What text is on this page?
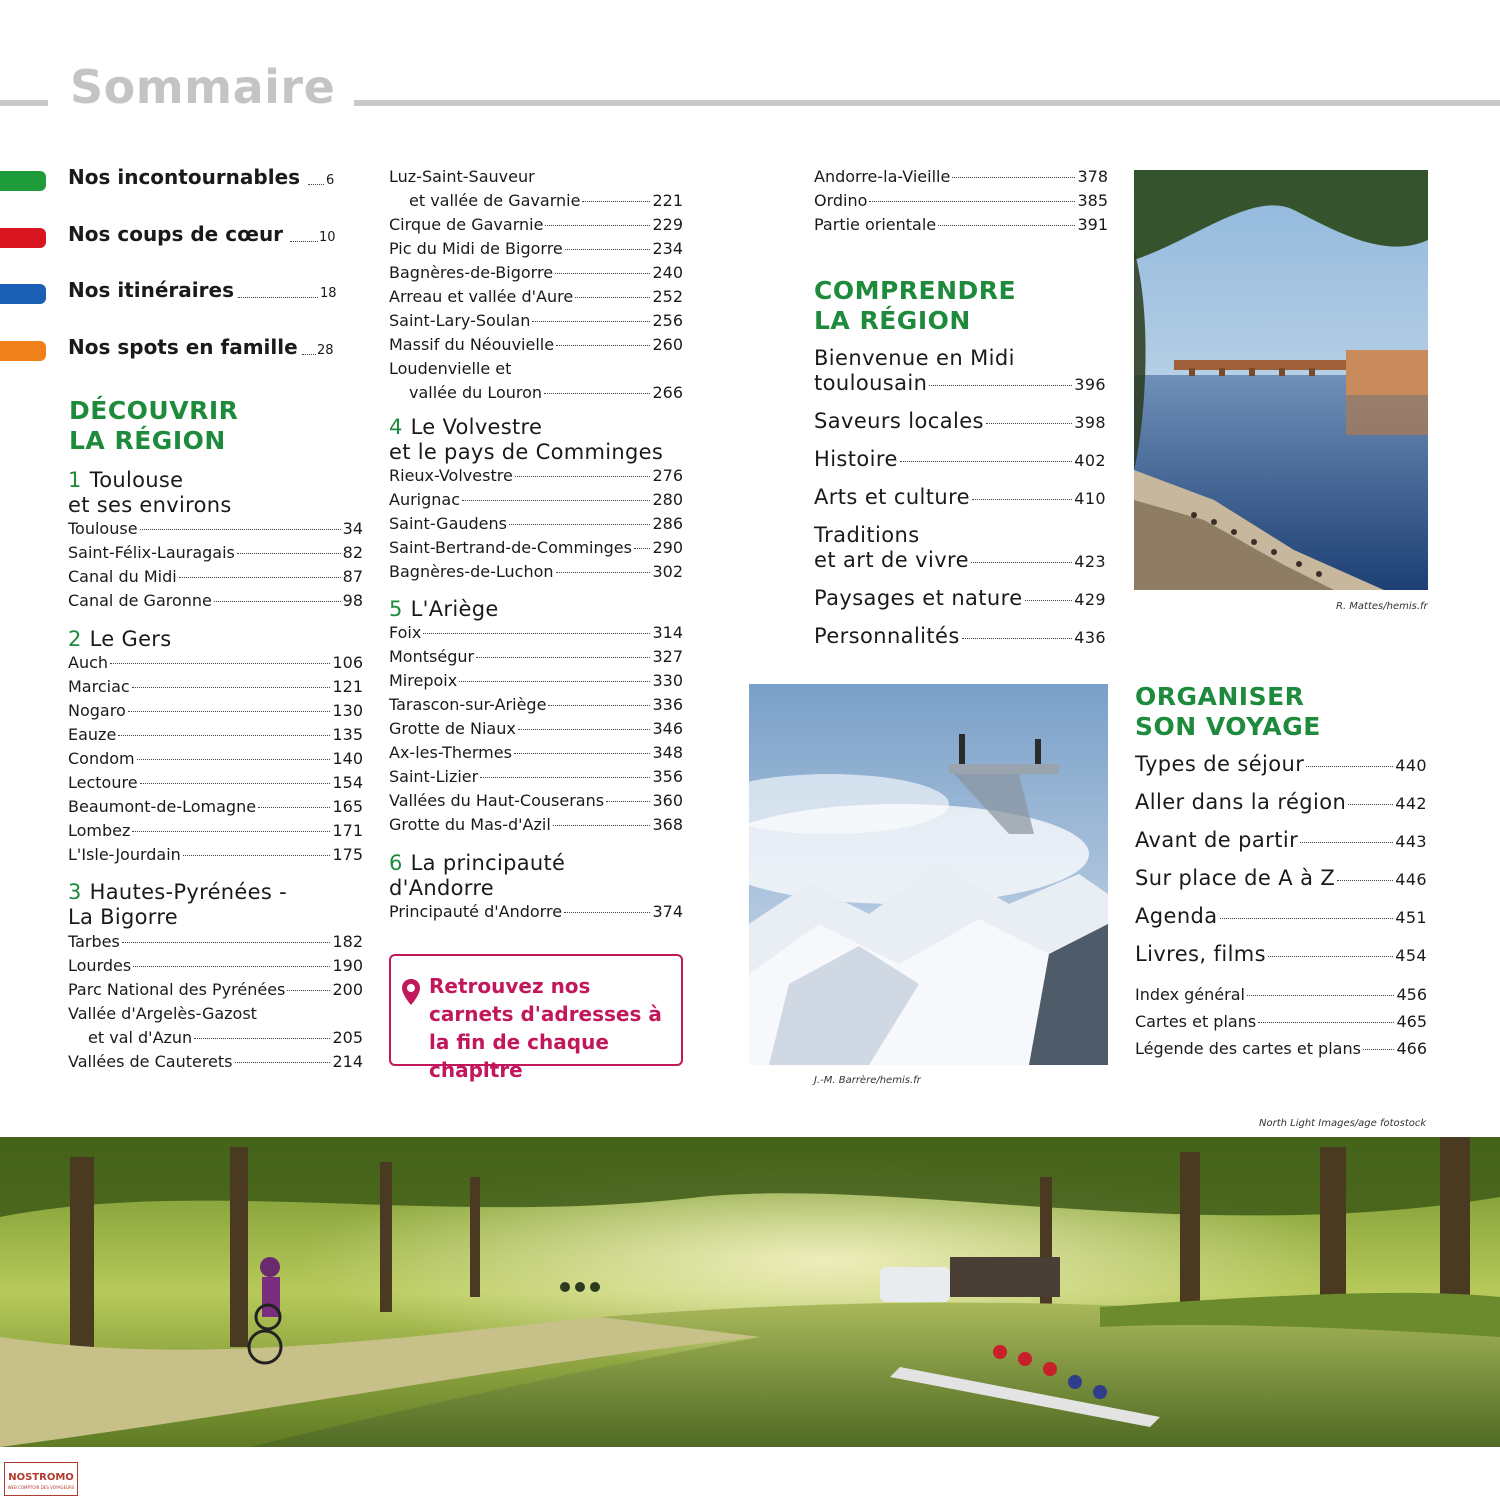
Sommaire
Nos incontournables 6
Nos coups de cœur	10
Nos itinéraires	18
Nos spots en famille 28
DÉCOUVRIR
LA RÉGION
1 Toulouse
et ses environs
Toulouse	34
Saint-Félix-Lauragais	82
Canal du Midi	87
Canal de Garonne	98
2 Le Gers
Auch	106
Marciac	121
Nogaro	130
Eauze	135
Condom	140
Lectoure	154
Beaumont-de-Lomagne	165
Lombez	171
L'Isle-Jourdain	175
3 Hautes-Pyrénées -
La Bigorre
Tarbes	182
Lourdes	190
Parc National des Pyrénées	200
Vallée d'Argelès-Gazost
et val d'Azun	205
Vallées de Cauterets	214
Luz-Saint-Sauveur
et vallée de Gavarnie	221
Cirque de Gavarnie	229
Pic du Midi de Bigorre	234
Bagnères-de-Bigorre	240
Arreau et vallée d'Aure	252
Saint-Lary-Soulan	256
Massif du Néouvielle	260
Loudenvielle et
vallée du Louron	266
4 Le Volvestre
et le pays de Comminges
Rieux-Volvestre	276
Aurignac	280
Saint-Gaudens	286
Saint-Bertrand-de-Comminges 290
Bagnères-de-Luchon	302
5 L'Ariège
Foix	314
Montségur	327
Mirepoix	330
Tarascon-sur-Ariège	336
Grotte de Niaux	346
Ax-les-Thermes	348
Saint-Lizier	356
Vallées du Haut-Couserans	360
Grotte du Mas-d'Azil	368
6 La principauté
d'Andorre
Principauté d'Andorre	374
Retrouvez nos carnets d'adresses à la fin de chaque chapitre
Andorre-la-Vieille	378
Ordino	385
Partie orientale	391
COMPRENDRE
LA RÉGION
Bienvenue en Midi
toulousain	396
Saveurs locales	398
Histoire	402
Arts et culture	410
Traditions
et art de vivre	423
Paysages et nature	429
Personnalités	436
R. Mattes/hemis.fr
J.-M. Barrère/hemis.fr
ORGANISER
SON VOYAGE
Types de séjour	440
Aller dans la région	442
Avant de partir	443
Sur place de A à Z	446
Agenda	451
Livres, films	454
Index général	456
Cartes et plans	465
Légende des cartes et plans 466
North Light Images/age fotostock
NOSTROMO
WEB COMPTOIR DES VOYAGEURS
